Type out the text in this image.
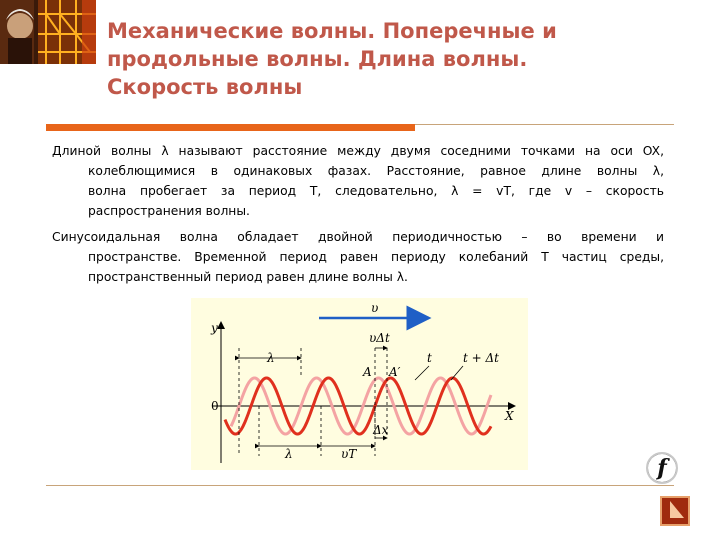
Механические волны. Поперечные и
продольные волны. Длина волны.
Скорость волны
Длиной волны λ называют расстояние между двумя соседними точками на оси OX,
колеблющимися в одинаковых фазах. Расстояние, равное длине волны λ,
волна пробегает за период T, следовательно, λ = vT, где v – скорость
распространения волны.
Синусоидальная волна обладает двойной периодичностью – во времени и
пространстве. Временной период равен периоду колебаний T частиц среды,
пространственный период равен длине волны λ.
y
X
0
υ
υΔt
λ
A A′
t	t + Δt
Δx
λ	υT
f
